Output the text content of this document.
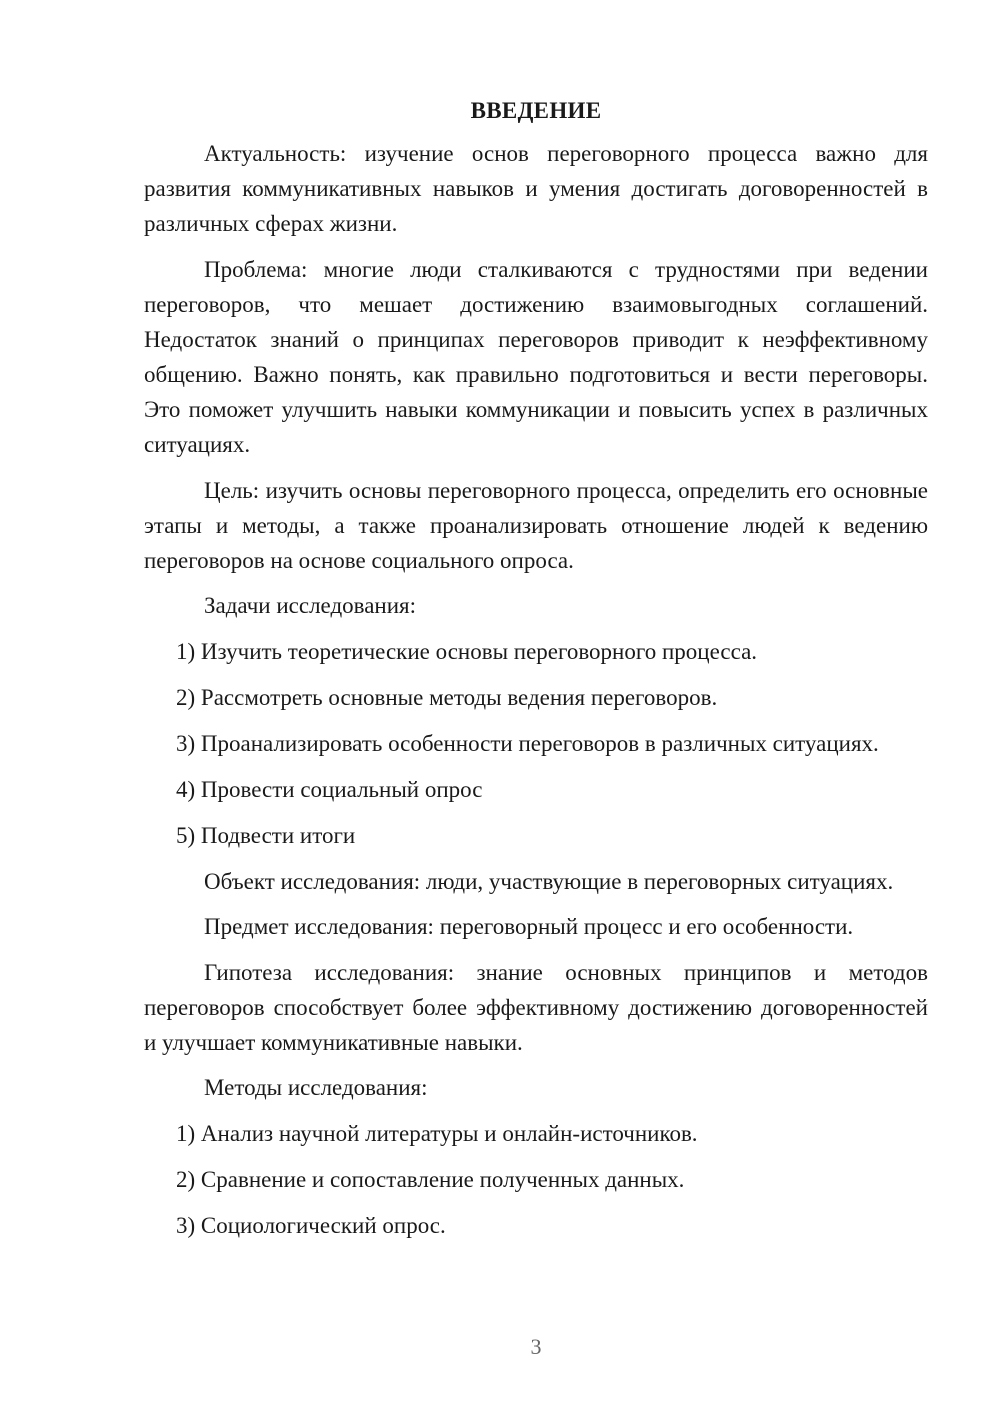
ВВЕДЕНИЕ

Актуальность: изучение основ переговорного процесса важно для развития коммуникативных навыков и умения достигать договоренностей в различных сферах жизни.

Проблема: многие люди сталкиваются с трудностями при ведении переговоров, что мешает достижению взаимовыгодных соглашений. Недостаток знаний о принципах переговоров приводит к неэффективному общению. Важно понять, как правильно подготовиться и вести переговоры. Это поможет улучшить навыки коммуникации и повысить успех в различных ситуациях.

Цель: изучить основы переговорного процесса, определить его основные этапы и методы, а также проанализировать отношение людей к ведению переговоров на основе социального опроса.

Задачи исследования:

1) Изучить теоретические основы переговорного процесса.

2) Рассмотреть основные методы ведения переговоров.

3) Проанализировать особенности переговоров в различных ситуациях.

4) Провести социальный опрос

5) Подвести итоги

Объект исследования: люди, участвующие в переговорных ситуациях.

Предмет исследования: переговорный процесс и его особенности.

Гипотеза исследования: знание основных принципов и методов переговоров способствует более эффективному достижению договоренностей и улучшает коммуникативные навыки.

Методы исследования:

1) Анализ научной литературы и онлайн-источников.

2) Сравнение и сопоставление полученных данных.

3) Социологический опрос.

3
